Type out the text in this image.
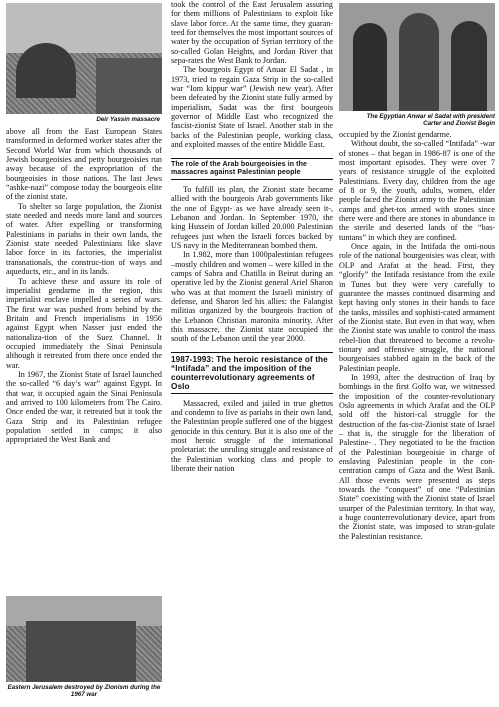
Deir Yassin massacre

above all from the East European States transformed in deformed worker states after the Second World War from which thousands of Jewish bourgeoisies and petty bourgeoisies run away because of the expropriation of the bourgeoisies in those nations. The last Jews “ashke-nazi” compose today the bourgeois elite of the zionist state.

To shelter so large population, the Zionist state needed and needs more land and sources of water. After expelling or transforming Palestinians in pariahs in their own lands, the Zionist state needed Palestinians like slave labor force in its factories, the imperialist transnationals, the construc-tion of ways and aqueducts, etc., and in its lands.

To achieve these and assure its role of imperialist gendarme in the region, this imperialist enclave impelled a series of wars. The first war was pushed from behind by the Britain and French imperialisms in 1956 against Egypt when Nasser just ended the nationaliza-tion of the Suez Channel. It occupied immediately the Sinai Peninsula although it retreated from there once ended the war.

In 1967, the Zionist State of Israel launched the so-called “6 day’s war” against Egypt. In that war, it occupied again the Sinai Peninsula and arrived to 100 kilometers from The Cairo. Once ended the war, it retreated but it took the Gaza Strip and its Palestinian refugee population settled in camps; it also appropriated the West Bank and

Eastern Jerusalem destroyed by Zionism during the 1967 war

took the control of the East Jerusalem assuring for them millions of Palestinians to exploit like slave labor force. At the same time, they guaran-teed for themselves the most important sources of water by the occupation of Syrian territory of the so-called Golan Heights, and Jordan River that sepa-rates the West Bank to Jordan.

The bourgeois Egypt of Anuar El Sadat , in 1973, tried to regain Gaza Strip in the so-called war “Iom kippur war” (Jewish new year). After been defeated by the Zionist state fully armed by imperialism, Sadat was the first bourgeois governor of Middle East who recognized the fascist-zionist State of Israel. Another stab in the backs of the Palestinian people, working class, and exploited masses of the entire Middle East.

The role of the Arab bourgeoisies in the massacres against Palestinian people

To fulfill its plan, the Zionist state became allied with the bourgeois Arab governments like the one of Egypt- as we have already seen it-, Lebanon and Jordan. In September 1970, the king Hussein of Jordan killed 20.000 Palestinian refugees just when the Israeli forces backed by US navy in the Mediterranean bombed them.

In 1.982, more than 1000palestinian refugees –mostly children and women – were killed in the camps of Sabra and Chatilla in Beirut during an operative led by the Zionist general Ariel Sharon who was at that moment the Israeli ministry of defense, and Sharon led his allies: the Falangist militias organized by the bourgeois fraction of the Lebanon Christian maronita minority. After this massacre, the Zionist state occupied the south of the Lebanon until the year 2000.

1987-1993: The heroic resistance of the “Intifada” and the imposition of the counterrevolutionary agreements of Oslo

Massacred, exiled and jailed in true ghettos and condemn to live as pariahs in their own land, the Palestinian people suffered one of the biggest genocide in this century. But it is also one of the most heroic struggle of the international proletariat: the unruling struggle and resistance of the Palestinian working class and people to liberate their nation

The Egyptian Anwar el Sadat with president Carter and Zionist Begin

occupied by the Zionist gendarme.

Without doubt, the so-called “Intifada” -war of stones – that began in 1986-87 is one of the most important episodes. They were over 7 years of resistance struggle of the exploited Palestinians. Every day, children from the age of 8 or 9, the youth, adults, women, elder people faced the Zionist army to the Palestinian camps and ghet-tos armed with stones since there were and there are stones in abundance in the sterile and deserted lands of the “bas-tuntans” in which they are confined.

Once again, in the Intifada the omi-nous role of the national bourgeoisies was clear, with OLP and Arafat at the head. First, they “glorify” the Intifada resistance from the exile in Tunes but they were very carefully to guarantee the masses continued disarming and kept having only stones in their hands to face the tanks, missiles and sophisti-cated armament of the Zionist state. But even in that way, when the Zionist state was unable to control the mass rebel-lion that threatened to become a revolu-tionary and offensive struggle, the national bourgeoisies stabbed again in the back of the Palestinian people.

In 1993, after the destruction of Iraq by bombings in the first Golfo war, we witnessed the imposition of the counter-revolutionary Oslo agreements in which Arafat and the OLP sold off the histori-cal struggle for the destruction of the fas-cist-Zionist state of Israel – that is, the struggle for the liberation of Palestine- . They negotiated to be the fraction of the Palestinian bourgeoisie in charge of enslaving Palestinian people in the con-centration camps of Gaza and the West Bank. All those events were presented as steps towards the “conquest” of one “Palestinian State” coexisting with the Zionist state of Israel usurper of the Palestinian territory. In that way, a huge counterrevolutionary device, apart from the Zionist state, was imposed to stran-gulate the Palestinian resistance.
